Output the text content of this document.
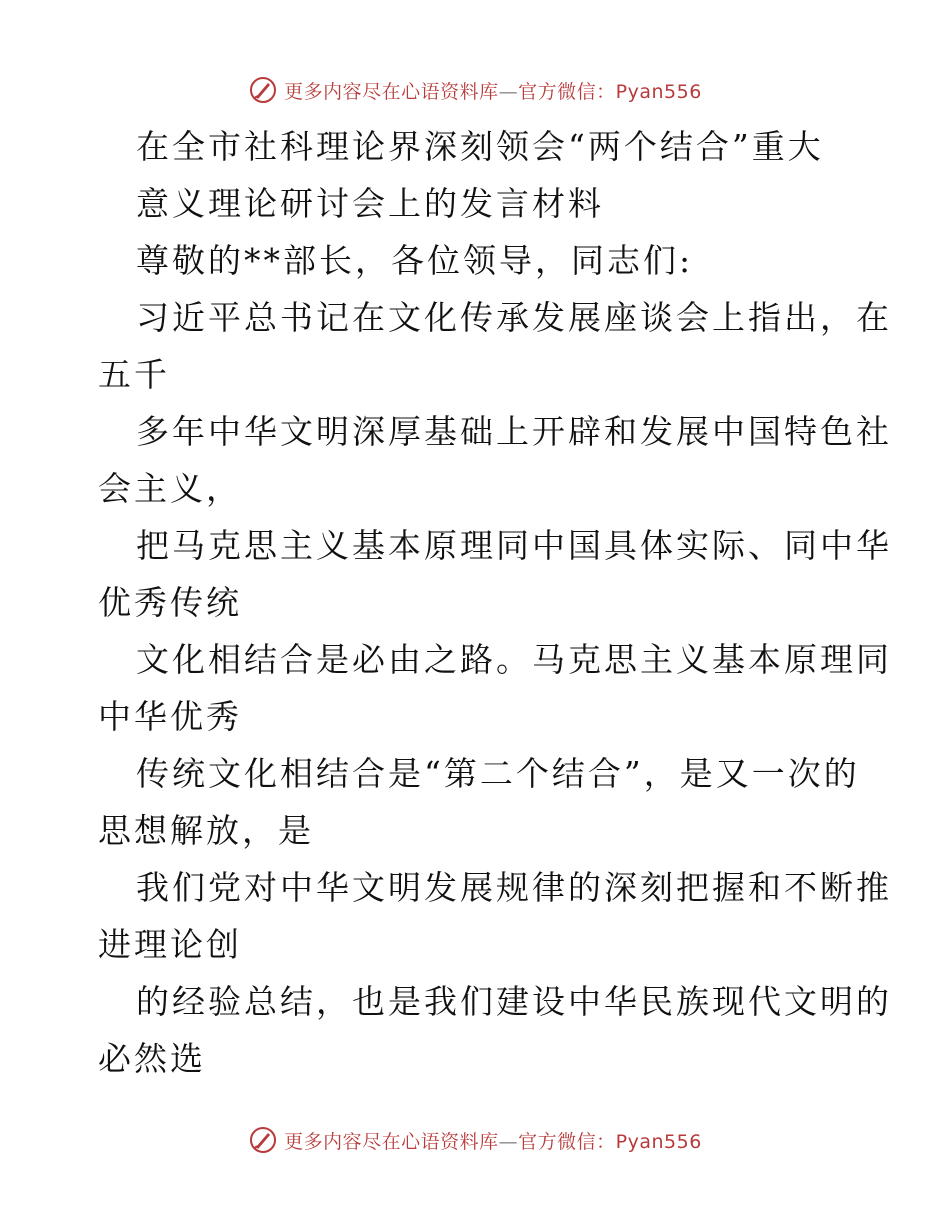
更多内容尽在心语资料库—官方微信：Pyan556
在全市社科理论界深刻领会“两个结合”重大
意义理论研讨会上的发言材料
尊敬的**部长，各位领导，同志们:
习近平总书记在文化传承发展座谈会上指出，在
五千
多年中华文明深厚基础上开辟和发展中国特色社
会主义，
把马克思主义基本原理同中国具体实际、同中华
优秀传统
文化相结合是必由之路。马克思主义基本原理同
中华优秀
传统文化相结合是“第二个结合”，是又一次的
思想解放，是
我们党对中华文明发展规律的深刻把握和不断推
进理论创
的经验总结，也是我们建设中华民族现代文明的
必然选
更多内容尽在心语资料库—官方微信：Pyan556
